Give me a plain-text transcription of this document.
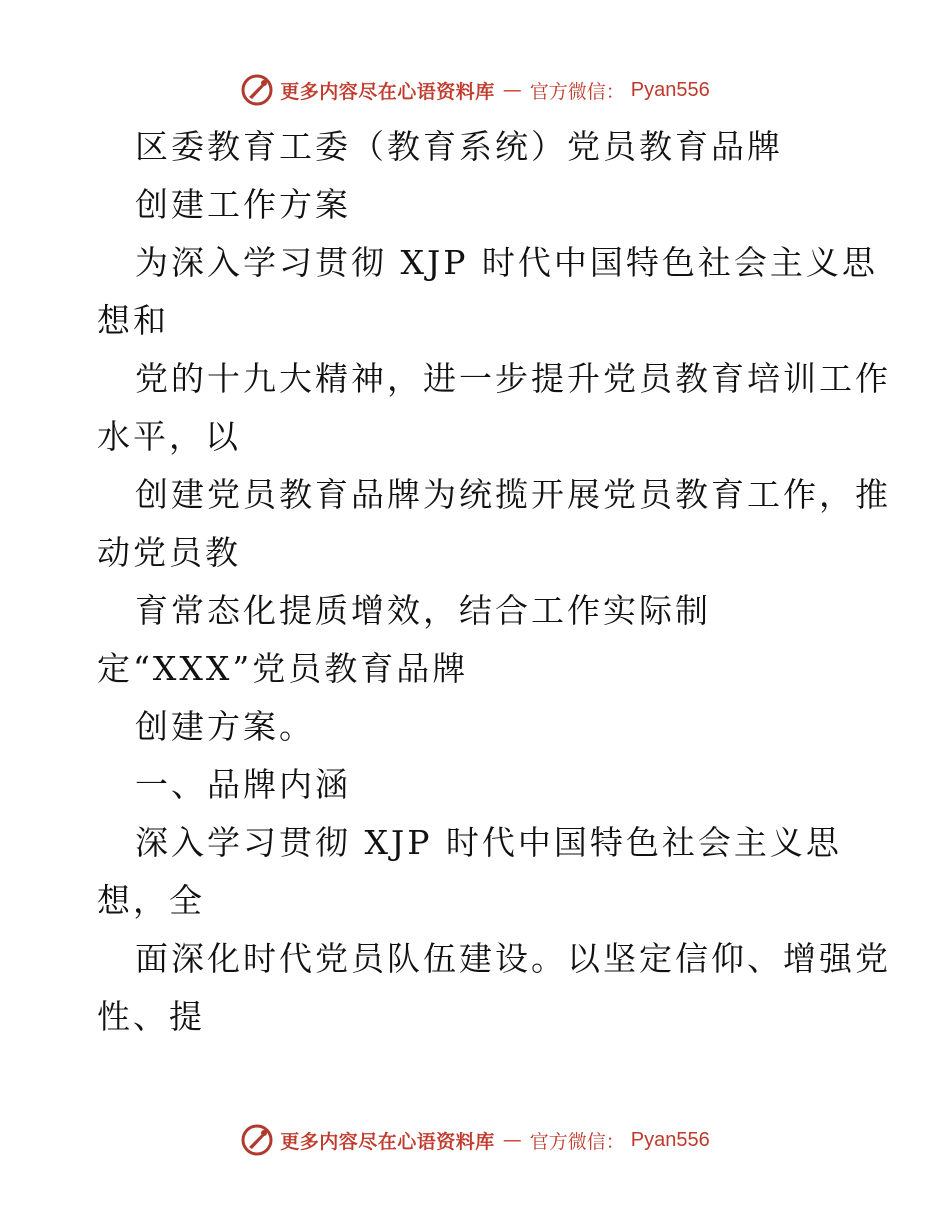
更多内容尽在心语资料库 — 官方微信： Pyan556
区委教育工委（教育系统）党员教育品牌
创建工作方案
为深入学习贯彻 XJP 时代中国特色社会主义思
想和
党的十九大精神，进一步提升党员教育培训工作
水平，以
创建党员教育品牌为统揽开展党员教育工作，推
动党员教
育常态化提质增效，结合工作实际制
定“XXX”党员教育品牌
创建方案。
一、品牌内涵
深入学习贯彻 XJP 时代中国特色社会主义思
想，全
面深化时代党员队伍建设。以坚定信仰、增强党
性、提
更多内容尽在心语资料库 — 官方微信： Pyan556
